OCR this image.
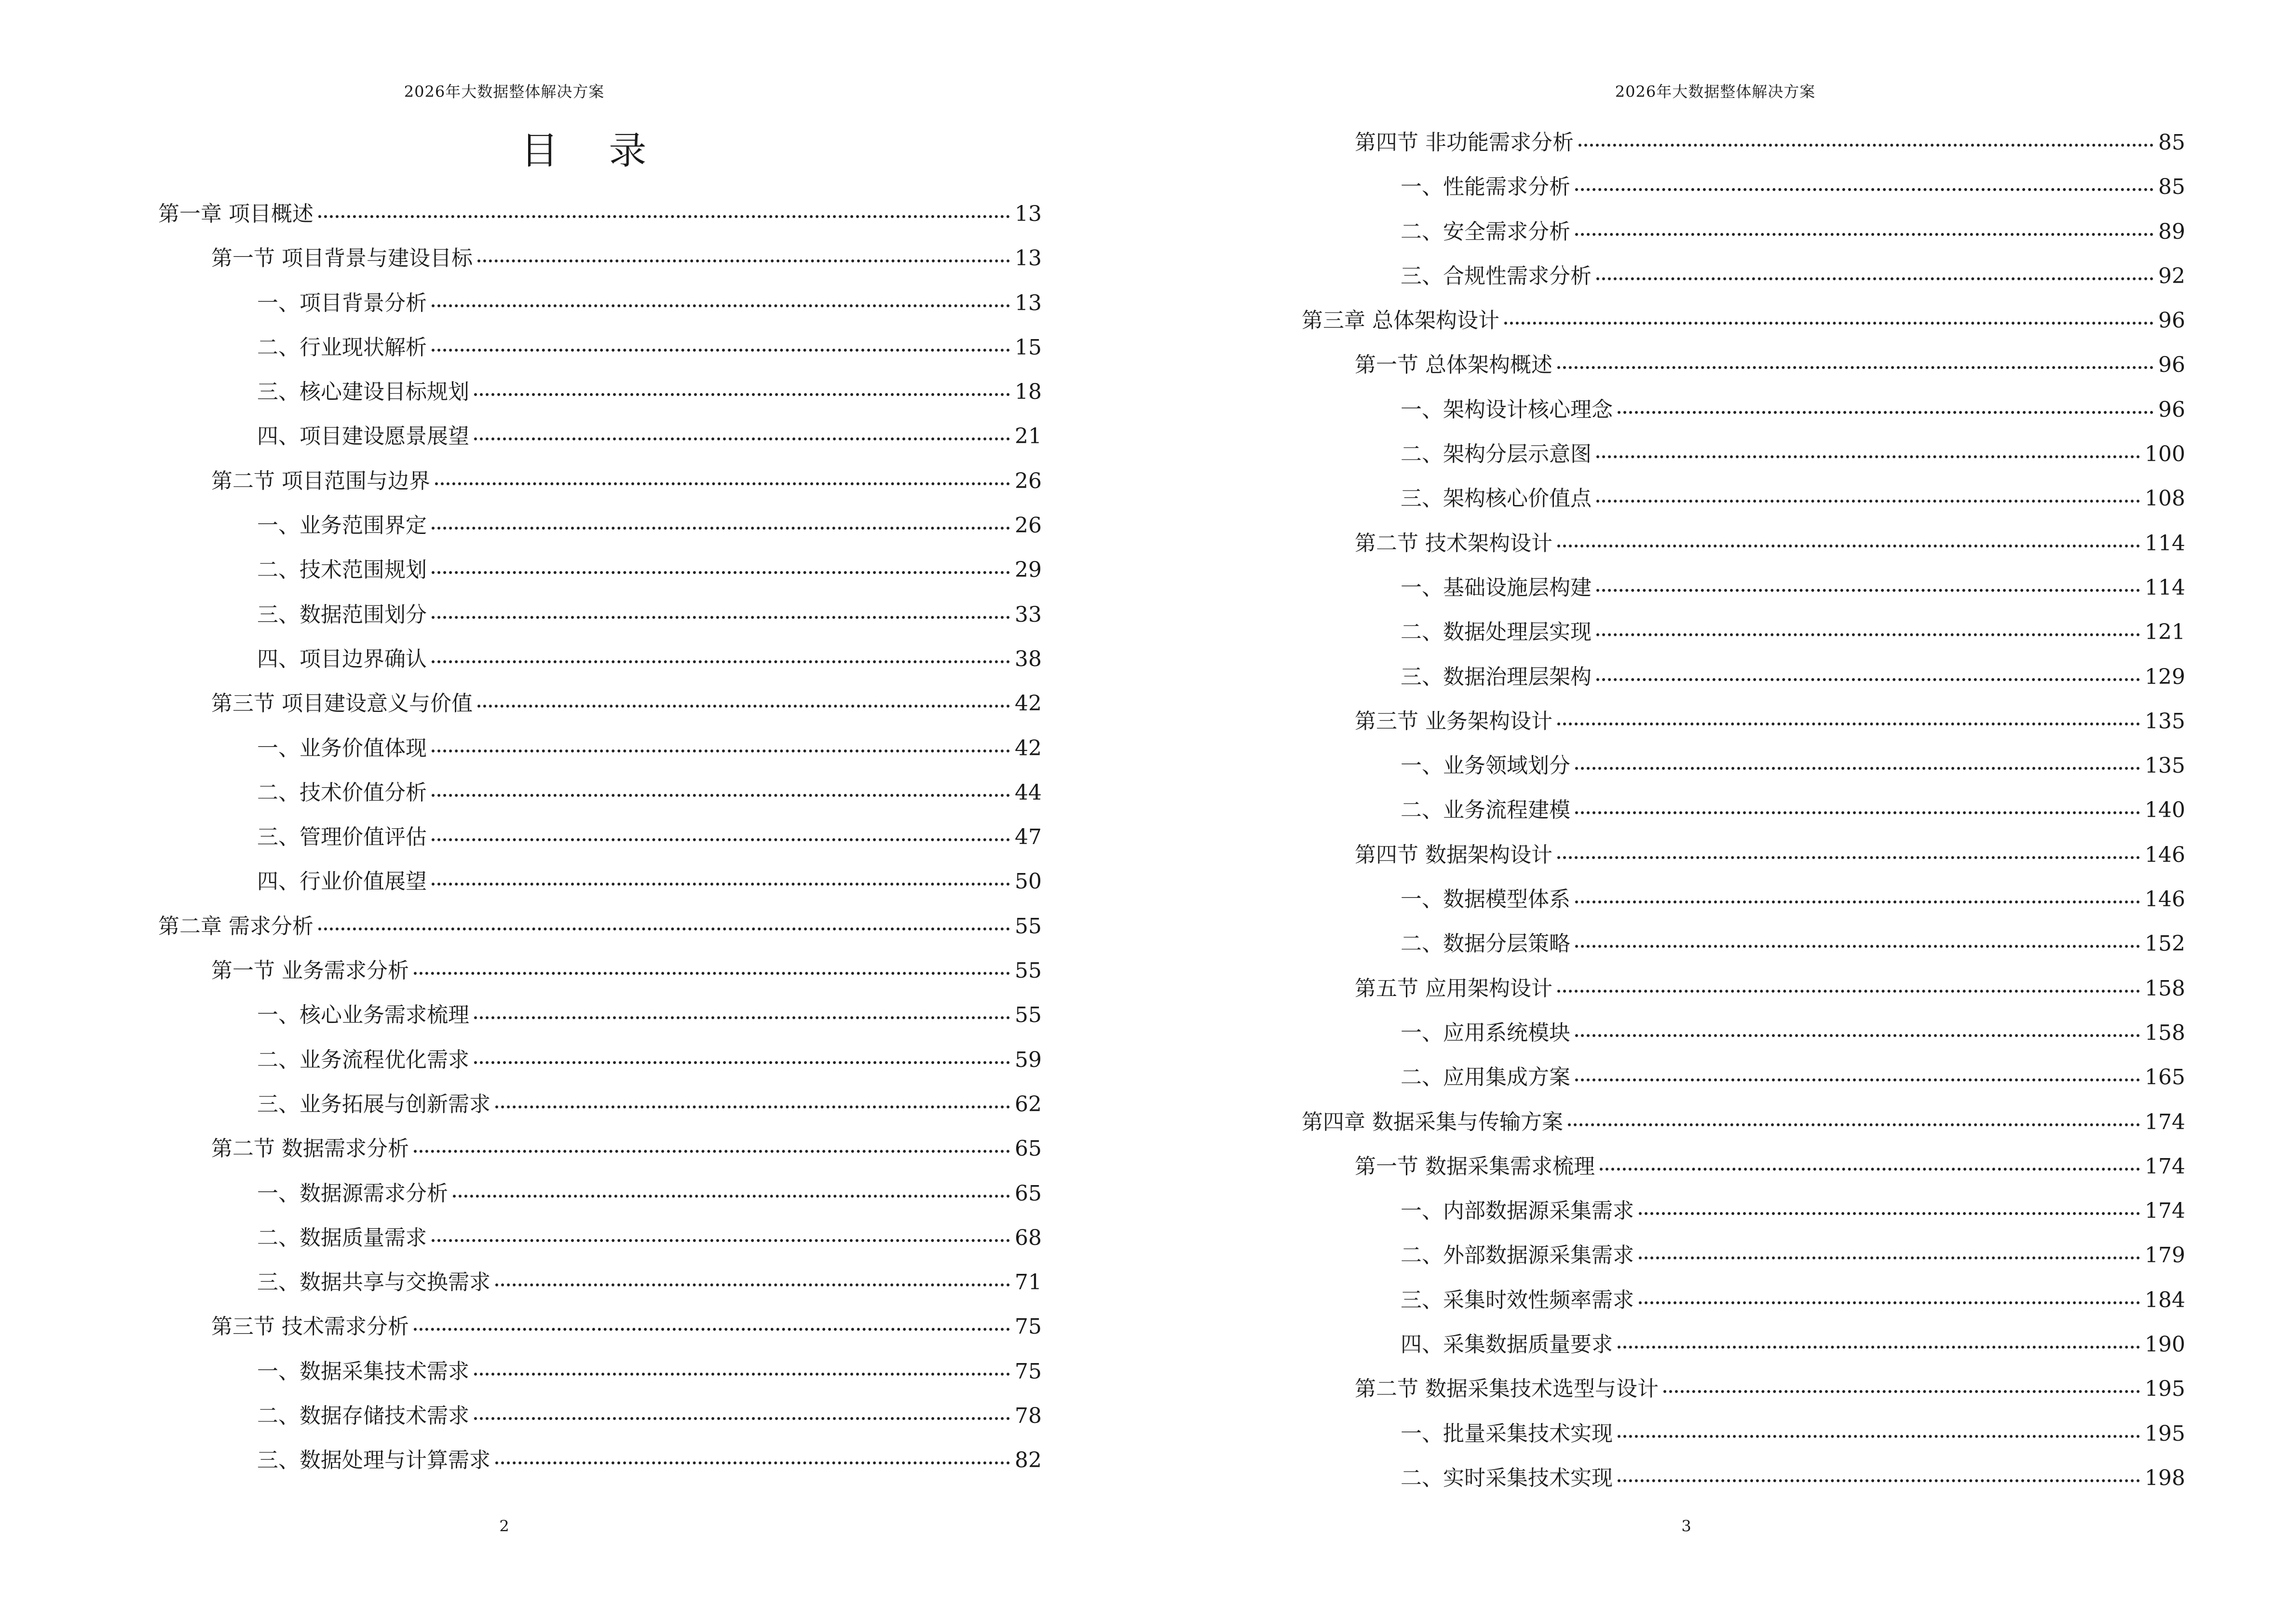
2026年大数据整体解决方案
目 录
第一章 项目概述	13
第一节 项目背景与建设目标	13
一、项目背景分析	13
二、行业现状解析	15
三、核心建设目标规划	18
四、项目建设愿景展望	21
第二节 项目范围与边界	26
一、业务范围界定	26
二、技术范围规划	29
三、数据范围划分	33
四、项目边界确认	38
第三节 项目建设意义与价值	42
一、业务价值体现	42
二、技术价值分析	44
三、管理价值评估	47
四、行业价值展望	50
第二章 需求分析	55
第一节 业务需求分析	55
一、核心业务需求梳理	55
二、业务流程优化需求	59
三、业务拓展与创新需求	62
第二节 数据需求分析	65
一、数据源需求分析	65
二、数据质量需求	68
三、数据共享与交换需求	71
第三节 技术需求分析	75
一、数据采集技术需求	75
二、数据存储技术需求	78
三、数据处理与计算需求	82
2
2026年大数据整体解决方案
第四节 非功能需求分析	85
一、性能需求分析	85
二、安全需求分析	89
三、合规性需求分析	92
第三章 总体架构设计	96
第一节 总体架构概述	96
一、架构设计核心理念	96
二、架构分层示意图	100
三、架构核心价值点	108
第二节 技术架构设计	114
一、基础设施层构建	114
二、数据处理层实现	121
三、数据治理层架构	129
第三节 业务架构设计	135
一、业务领域划分	135
二、业务流程建模	140
第四节 数据架构设计	146
一、数据模型体系	146
二、数据分层策略	152
第五节 应用架构设计	158
一、应用系统模块	158
二、应用集成方案	165
第四章 数据采集与传输方案	174
第一节 数据采集需求梳理	174
一、内部数据源采集需求	174
二、外部数据源采集需求	179
三、采集时效性频率需求	184
四、采集数据质量要求	190
第二节 数据采集技术选型与设计	195
一、批量采集技术实现	195
二、实时采集技术实现	198
3
